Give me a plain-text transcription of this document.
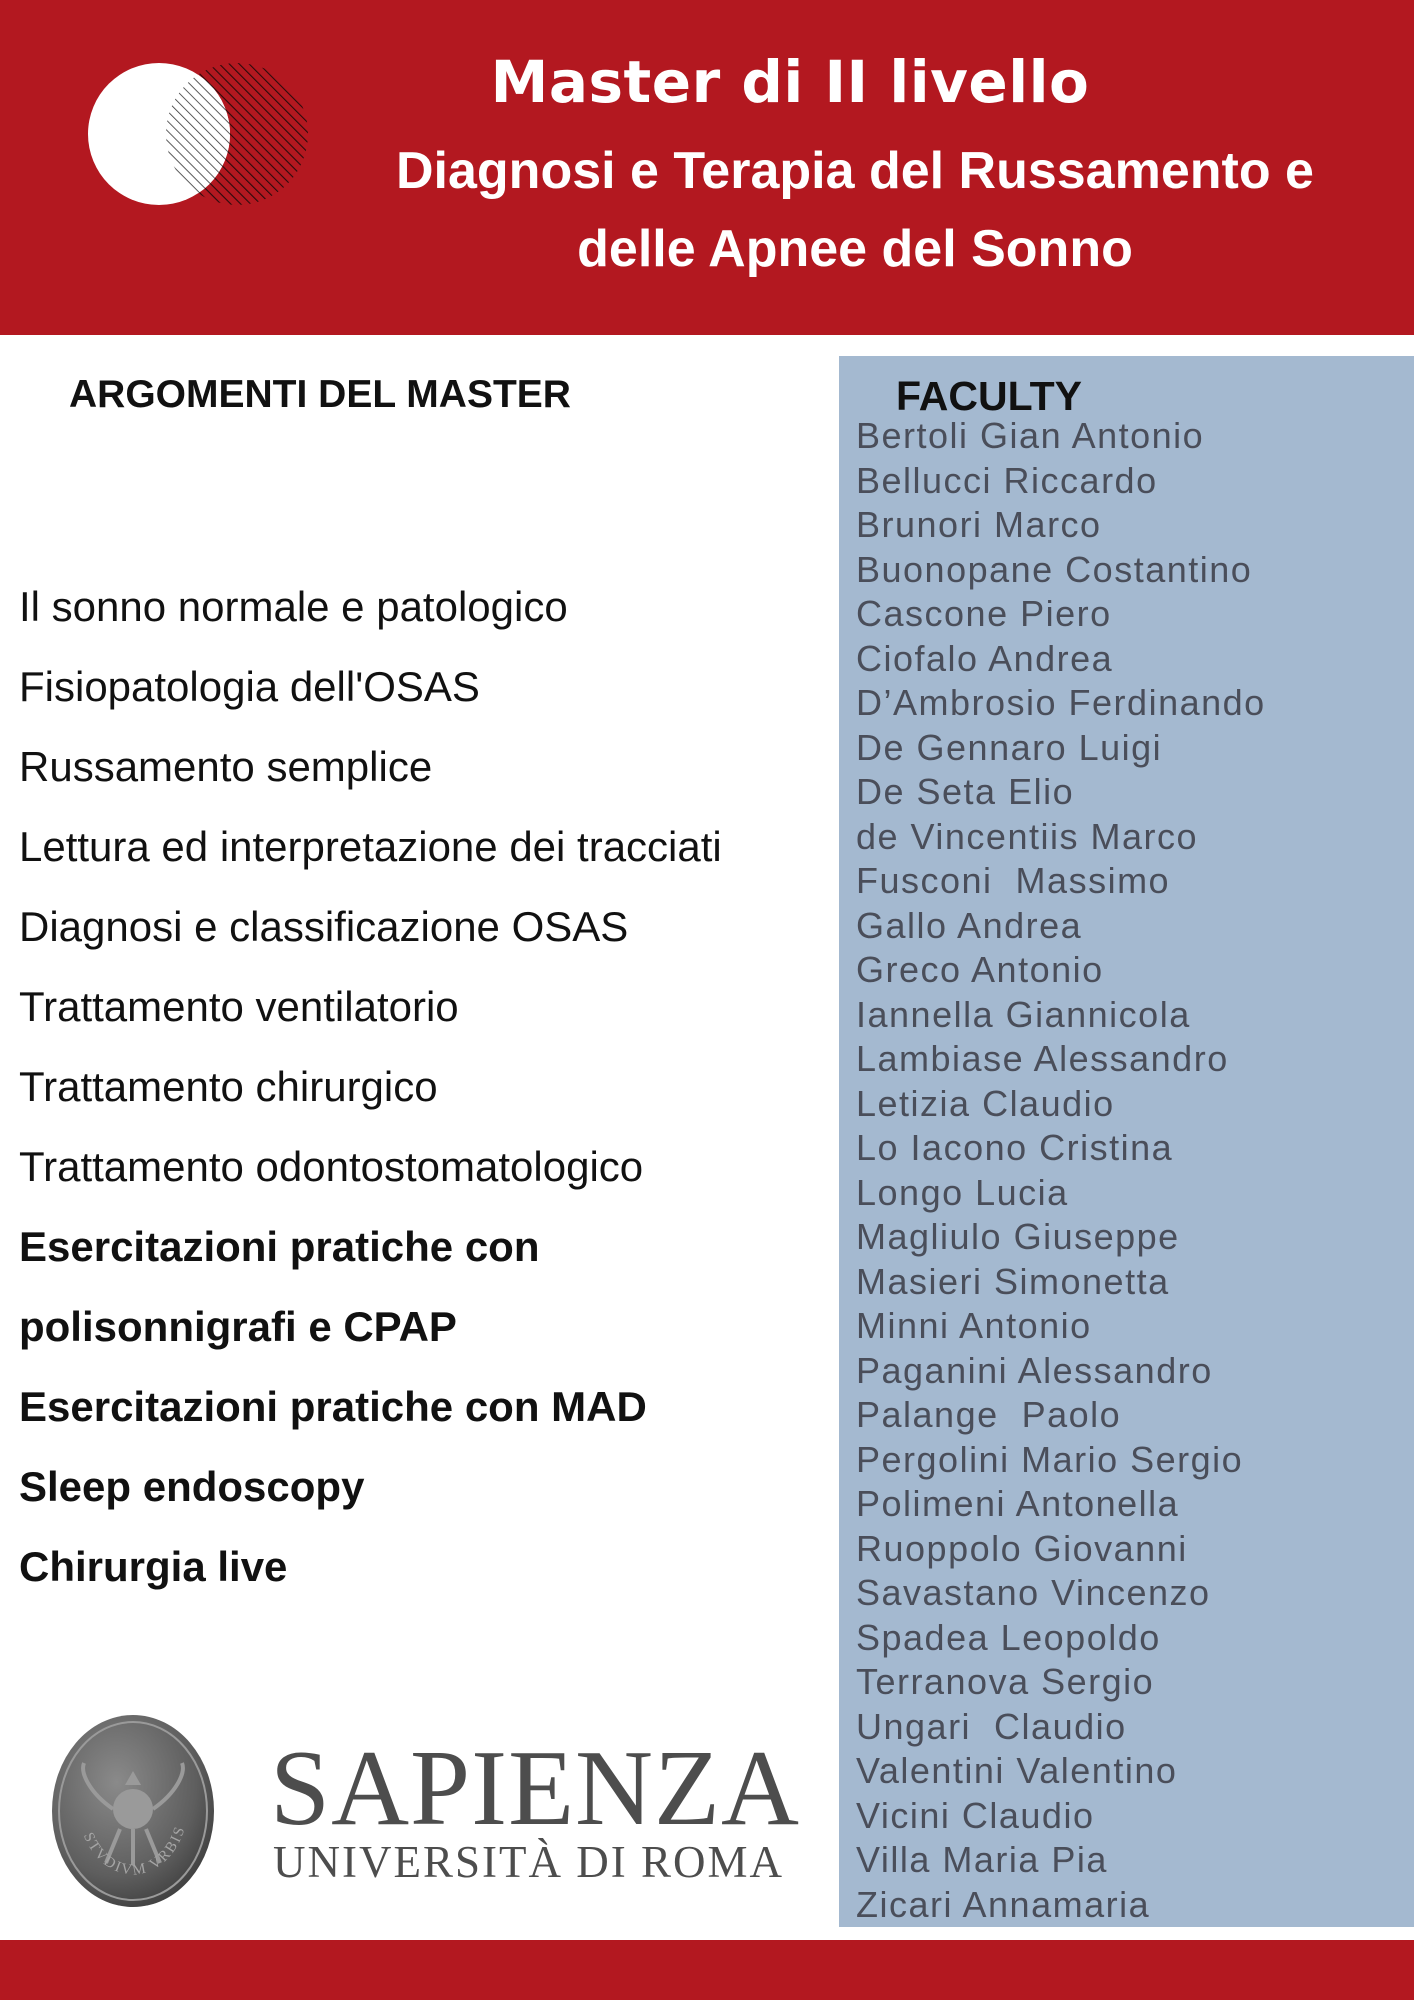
Master di II livello
Diagnosi e Terapia del Russamento e
delle Apnee del Sonno
ARGOMENTI DEL MASTER
Il sonno normale e patologico
Fisiopatologia dell'OSAS
Russamento semplice
Lettura ed interpretazione dei tracciati
Diagnosi e classificazione OSAS
Trattamento ventilatorio
Trattamento chirurgico
Trattamento odontostomatologico
Esercitazioni pratiche con
polisonnigrafi e CPAP
Esercitazioni pratiche con MAD
Sleep endoscopy
Chirurgia live
FACULTY
Bertoli Gian Antonio
Bellucci Riccardo
Brunori Marco
Buonopane Costantino
Cascone Piero
Ciofalo Andrea
D’Ambrosio Ferdinando
De Gennaro Luigi
De Seta Elio
de Vincentiis Marco
Fusconi  Massimo
Gallo Andrea
Greco Antonio
Iannella Giannicola
Lambiase Alessandro
Letizia Claudio
Lo Iacono Cristina
Longo Lucia
Magliulo Giuseppe
Masieri Simonetta
Minni Antonio
Paganini Alessandro
Palange  Paolo
Pergolini Mario Sergio
Polimeni Antonella
Ruoppolo Giovanni
Savastano Vincenzo
Spadea Leopoldo
Terranova Sergio
Ungari  Claudio
Valentini Valentino
Vicini Claudio
Villa Maria Pia
Zicari Annamaria
STVDIVM VRBIS SAPIENZA
UNIVERSITÀ DI ROMA
